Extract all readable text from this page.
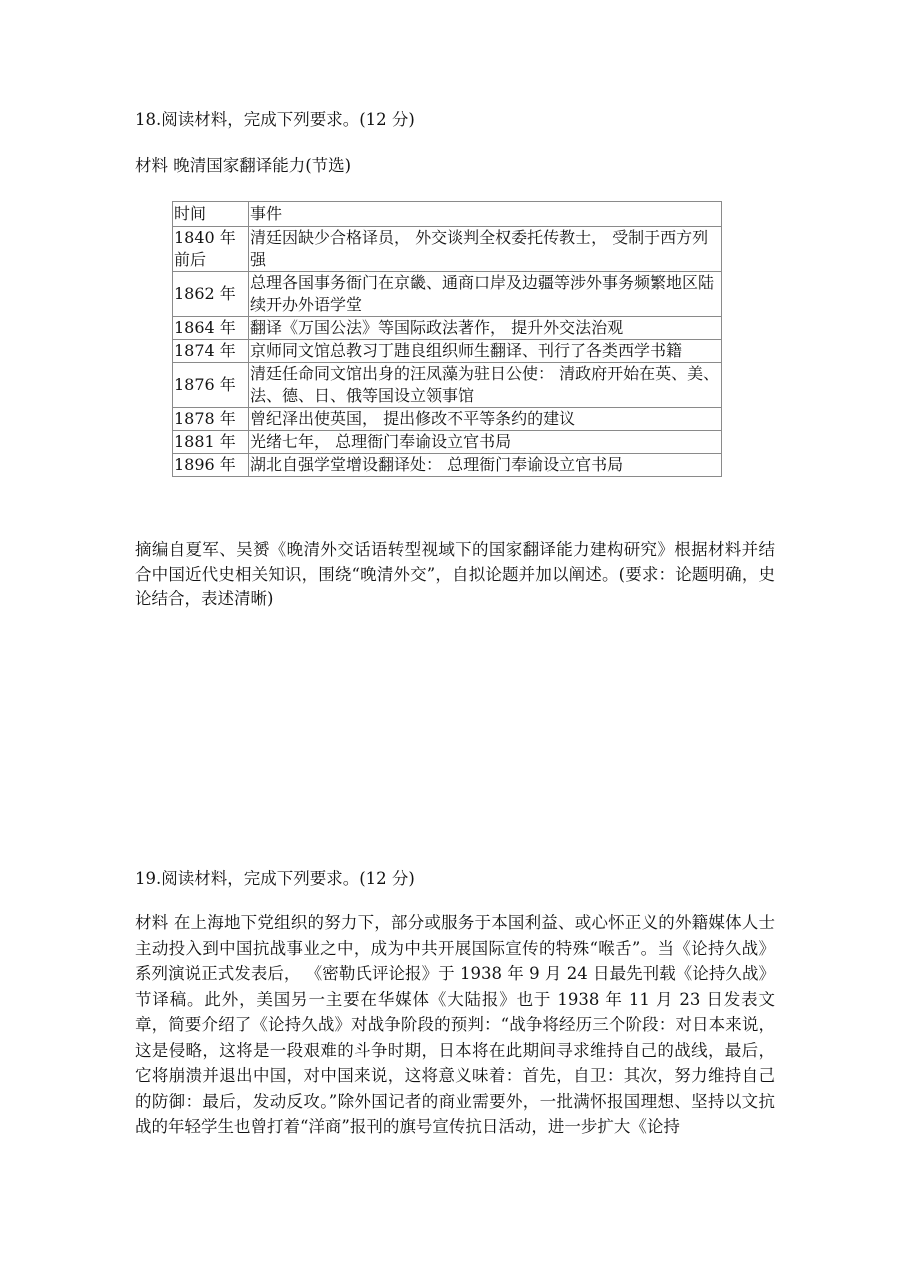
18.阅读材料，完成下列要求。(12 分)
材料 晚清国家翻译能力(节选)
时间	事件
1840 年前后	清廷因缺少合格译员， 外交谈判全权委托传教士， 受制于西方列强
1862 年	总理各国事务衙门在京畿、通商口岸及边疆等涉外事务频繁地区陆续开办外语学堂
1864 年	翻译《万国公法》等国际政法著作， 提升外交法治观
1874 年	京师同文馆总教习丁韪良组织师生翻译、刊行了各类西学书籍
1876 年	清廷任命同文馆出身的汪凤藻为驻日公使： 清政府开始在英、美、法、德、日、俄等国设立领事馆
1878 年	曾纪泽出使英国， 提出修改不平等条约的建议
1881 年	光绪七年， 总理衙门奉谕设立官书局
1896 年	湖北自强学堂增设翻译处： 总理衙门奉谕设立官书局
摘编自夏军、吴赟《晚清外交话语转型视域下的国家翻译能力建构研究》根据材料并结合中国近代史相关知识，围绕“晚清外交”，自拟论题并加以阐述。(要求：论题明确，史论结合，表述清晰)
19.阅读材料，完成下列要求。(12 分)
材料 在上海地下党组织的努力下，部分或服务于本国利益、或心怀正义的外籍媒体人士主动投入到中国抗战事业之中，成为中共开展国际宣传的特殊“喉舌”。当《论持久战》系列演说正式发表后， 《密勒氏评论报》于 1938 年 9 月 24 日最先刊载《论持久战》节译稿。此外，美国另一主要在华媒体《大陆报》也于 1938 年 11 月 23 日发表文章，简要介绍了《论持久战》对战争阶段的预判：“战争将经历三个阶段：对日本来说，这是侵略，这将是一段艰难的斗争时期，日本将在此期间寻求维持自己的战线，最后，它将崩溃并退出中国，对中国来说，这将意义味着：首先，自卫：其次，努力维持自己的防御：最后，发动反攻。”除外国记者的商业需要外，一批满怀报国理想、坚持以文抗战的年轻学生也曾打着“洋商”报刊的旗号宣传抗日活动，进一步扩大《论持
